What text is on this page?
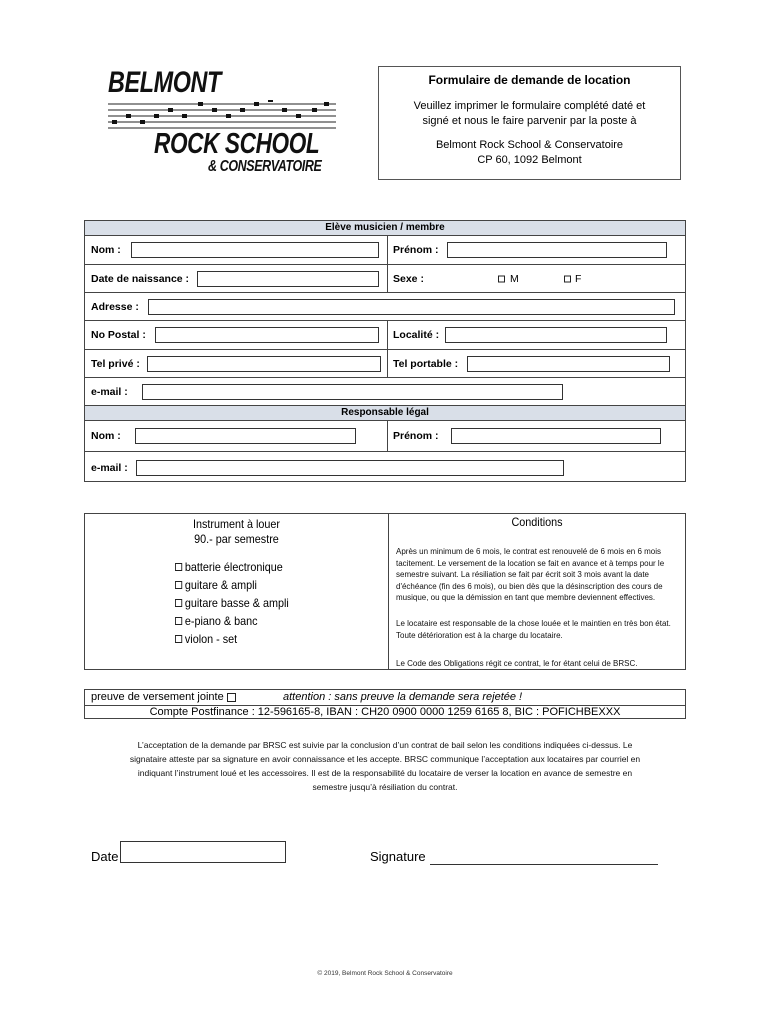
BELMONT
ROCK SCHOOL
& CONSERVATOIRE
Formulaire de demande de location
Veuillez imprimer le formulaire complété daté et
signé et nous le faire parvenir par la poste à
Belmont Rock School & Conservatoire
CP 60, 1092 Belmont
Elève musicien / membre
Nom :	Prénom :
Date de naissance :	Sexe :	M	F
Adresse :
No Postal :	Localité :
Tel privé :	Tel portable :
e-mail :
Responsable légal
Nom :	Prénom :
e-mail :
Instrument à louer
90.- par semestre
batterie électronique
guitare & ampli
guitare basse & ampli
e-piano & banc
violon - set
Conditions
Après un minimum de 6 mois, le contrat est renouvelé de 6 mois en 6 mois tacitement. Le versement de la location se fait en avance et à temps pour le semestre suivant. La résiliation se fait par écrit soit 3 mois avant la date d'échéance (fin des 6 mois), ou bien dès que la désinscription des cours de musique, ou que la démission en tant que membre deviennent effectives.
Le locataire est responsable de la chose louée et le maintien en très bon état. Toute détérioration est à la charge du locataire.
Le Code des Obligations régit ce contrat, le for étant celui de BRSC.
preuve de versement jointe	attention : sans preuve la demande sera rejetée !
Compte Postfinance : 12-596165-8, IBAN : CH20 0900 0000 1259 6165 8, BIC : POFICHBEXXX
L’acceptation de la demande par BRSC est suivie par la conclusion d’un contrat de bail selon les conditions indiquées ci-dessus. Le
signataire atteste par sa signature en avoir connaissance et les accepte. BRSC communique l’acceptation aux locataires par courriel en
indiquant l’instrument loué et les accessoires. Il est de la responsabilité du locataire de verser la location en avance de semestre en
semestre jusqu’à résiliation du contrat.
Date	Signature
© 2019, Belmont Rock School & Conservatoire
